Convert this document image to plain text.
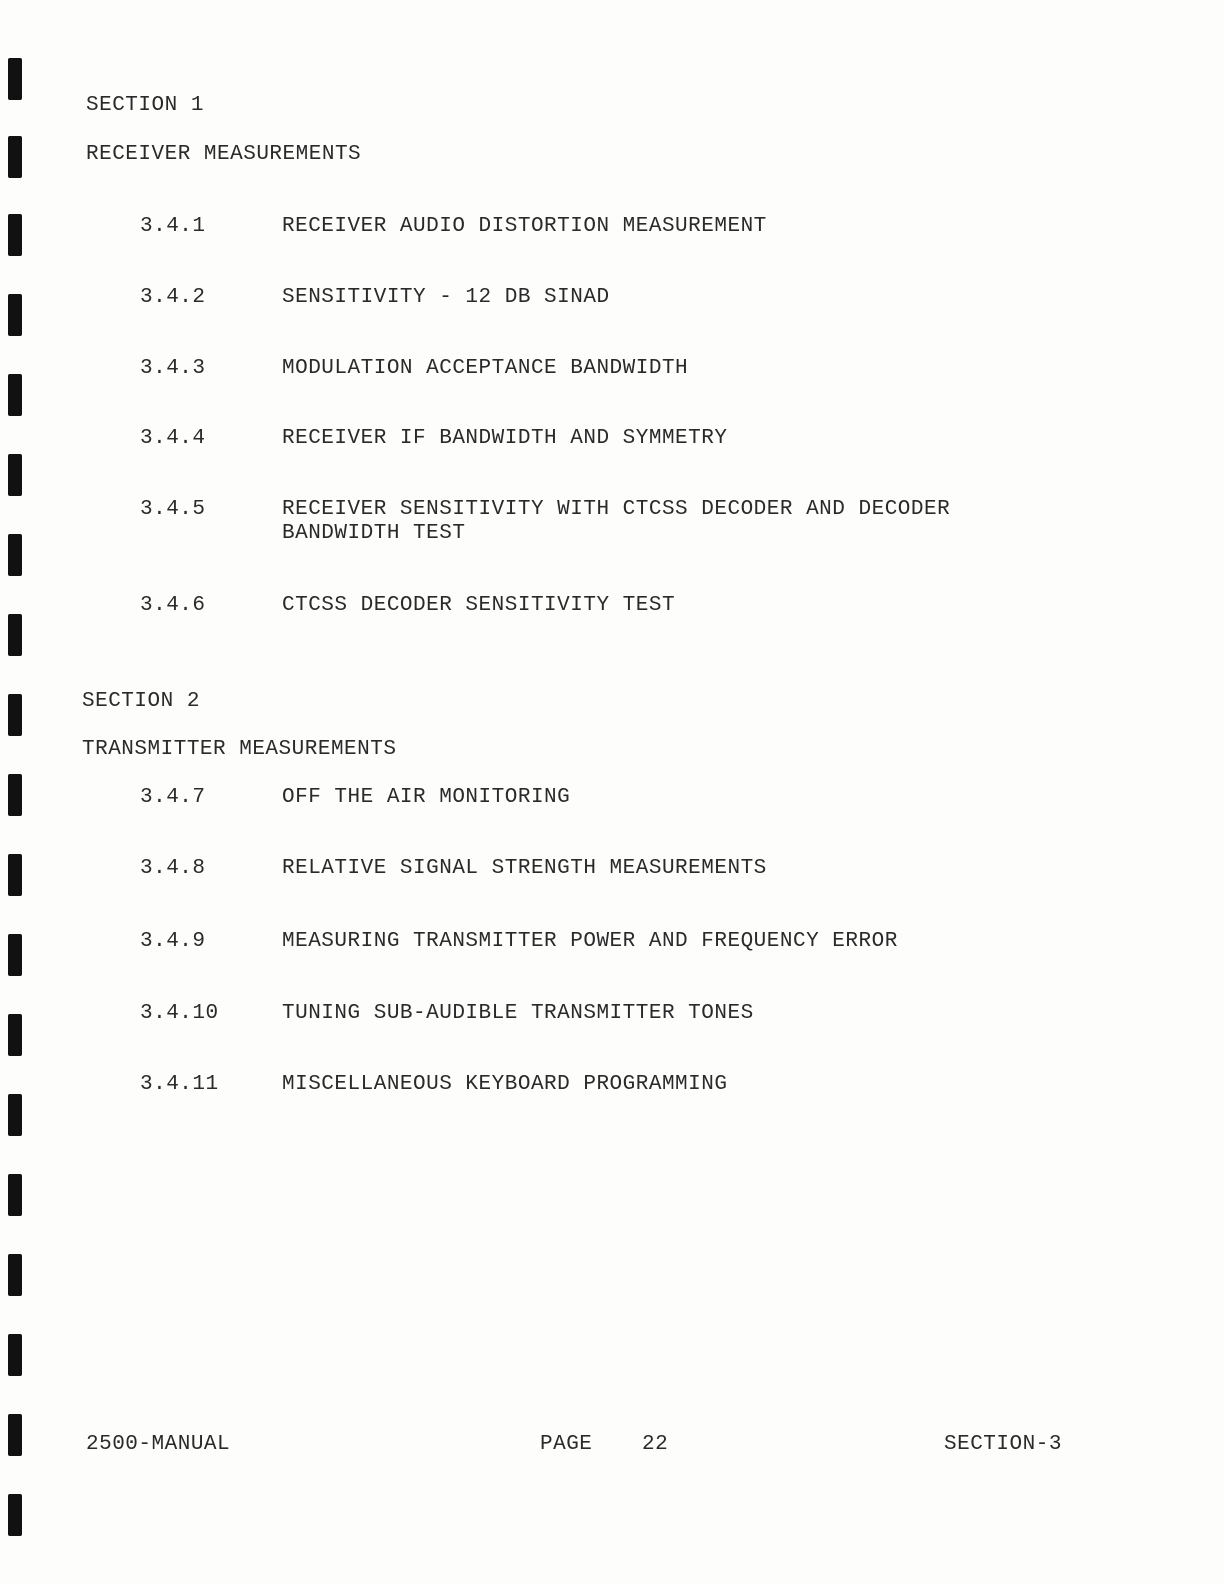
SECTION 1
RECEIVER MEASUREMENTS
3.4.1	RECEIVER AUDIO DISTORTION MEASUREMENT
3.4.2	SENSITIVITY - 12 DB SINAD
3.4.3	MODULATION ACCEPTANCE BANDWIDTH
3.4.4	RECEIVER IF BANDWIDTH AND SYMMETRY
3.4.5	RECEIVER SENSITIVITY WITH CTCSS DECODER AND DECODER
BANDWIDTH TEST
3.4.6	CTCSS DECODER SENSITIVITY TEST
SECTION 2
TRANSMITTER MEASUREMENTS
3.4.7	OFF THE AIR MONITORING
3.4.8	RELATIVE SIGNAL STRENGTH MEASUREMENTS
3.4.9	MEASURING TRANSMITTER POWER AND FREQUENCY ERROR
3.4.10	TUNING SUB-AUDIBLE TRANSMITTER TONES
3.4.11	MISCELLANEOUS KEYBOARD PROGRAMMING
2500-MANUAL	PAGE 22	SECTION-3
